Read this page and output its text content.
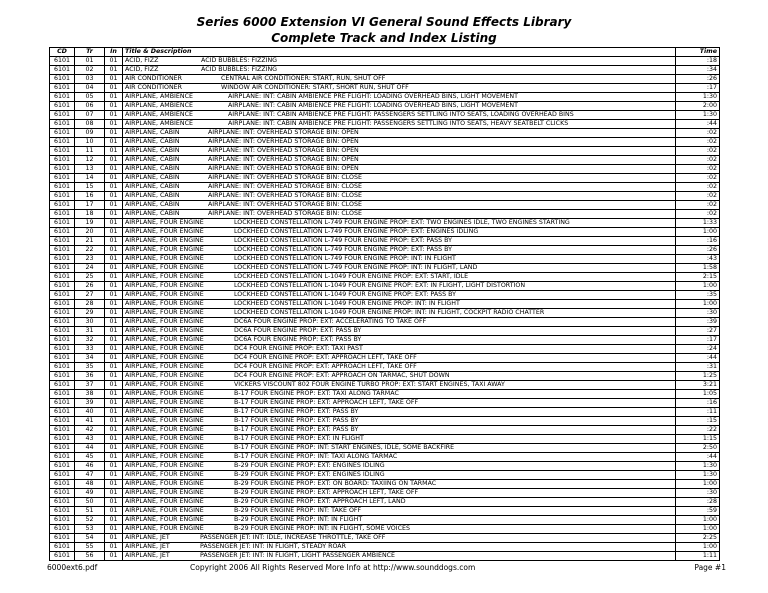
Series 6000 Extension VI General Sound Effects Library
Complete Track and Index Listing
CD	Tr	In	Title & Description	Time
6101	01	01	ACID, FIZZ ACID BUBBLES: FIZZING	:18
6101	02	01	ACID, FIZZ ACID BUBBLES: FIZZING	:34
6101	03	01	AIR CONDITIONER CENTRAL AIR CONDITIONER: START, RUN, SHUT OFF	:26
6101	04	01	AIR CONDITIONER WINDOW AIR CONDITIONER: START, SHORT RUN, SHUT OFF	:17
6101	05	01	AIRPLANE, AMBIENCE AIRPLANE: INT: CABIN AMBIENCE PRE FLIGHT: LOADING OVERHEAD BINS, LIGHT MOVEMENT	1:30
6101	06	01	AIRPLANE, AMBIENCE AIRPLANE: INT: CABIN AMBIENCE PRE FLIGHT: LOADING OVERHEAD BINS, LIGHT MOVEMENT	2:00
6101	07	01	AIRPLANE, AMBIENCE AIRPLANE: INT: CABIN AMBIENCE PRE FLIGHT: PASSENGERS SETTLING INTO SEATS, LOADING OVERHEAD BINS	1:30
6101	08	01	AIRPLANE, AMBIENCE AIRPLANE: INT: CABIN AMBIENCE PRE FLIGHT: PASSENGERS SETTLING INTO SEATS, HEAVY SEATBELT CLICKS	:44
6101	09	01	AIRPLANE, CABIN AIRPLANE: INT: OVERHEAD STORAGE BIN: OPEN	:02
6101	10	01	AIRPLANE, CABIN AIRPLANE: INT: OVERHEAD STORAGE BIN: OPEN	:02
6101	11	01	AIRPLANE, CABIN AIRPLANE: INT: OVERHEAD STORAGE BIN: OPEN	:02
6101	12	01	AIRPLANE, CABIN AIRPLANE: INT: OVERHEAD STORAGE BIN: OPEN	:02
6101	13	01	AIRPLANE, CABIN AIRPLANE: INT: OVERHEAD STORAGE BIN: OPEN	:02
6101	14	01	AIRPLANE, CABIN AIRPLANE: INT: OVERHEAD STORAGE BIN: CLOSE	:02
6101	15	01	AIRPLANE, CABIN AIRPLANE: INT: OVERHEAD STORAGE BIN: CLOSE	:02
6101	16	01	AIRPLANE, CABIN AIRPLANE: INT: OVERHEAD STORAGE BIN: CLOSE	:02
6101	17	01	AIRPLANE, CABIN AIRPLANE: INT: OVERHEAD STORAGE BIN: CLOSE	:02
6101	18	01	AIRPLANE, CABIN AIRPLANE: INT: OVERHEAD STORAGE BIN: CLOSE	:02
6101	19	01	AIRPLANE, FOUR ENGINE LOCKHEED CONSTELLATION L-749 FOUR ENGINE PROP: EXT: TWO ENGINES IDLE, TWO ENGINES STARTING	1:33
6101	20	01	AIRPLANE, FOUR ENGINE LOCKHEED CONSTELLATION L-749 FOUR ENGINE PROP: EXT: ENGINES IDLING	1:00
6101	21	01	AIRPLANE, FOUR ENGINE LOCKHEED CONSTELLATION L-749 FOUR ENGINE PROP: EXT: PASS BY	:16
6101	22	01	AIRPLANE, FOUR ENGINE LOCKHEED CONSTELLATION L-749 FOUR ENGINE PROP: EXT: PASS BY	:26
6101	23	01	AIRPLANE, FOUR ENGINE LOCKHEED CONSTELLATION L-749 FOUR ENGINE PROP: INT: IN FLIGHT	:43
6101	24	01	AIRPLANE, FOUR ENGINE LOCKHEED CONSTELLATION L-749 FOUR ENGINE PROP: INT: IN FLIGHT, LAND	1:58
6101	25	01	AIRPLANE, FOUR ENGINE LOCKHEED CONSTELLATION L-1049 FOUR ENGINE PROP: EXT: START, IDLE	2:15
6101	26	01	AIRPLANE, FOUR ENGINE LOCKHEED CONSTELLATION L-1049 FOUR ENGINE PROP: EXT: IN FLIGHT, LIGHT DISTORTION	1:00
6101	27	01	AIRPLANE, FOUR ENGINE LOCKHEED CONSTELLATION L-1049 FOUR ENGINE PROP: EXT: PASS BY	:35
6101	28	01	AIRPLANE, FOUR ENGINE LOCKHEED CONSTELLATION L-1049 FOUR ENGINE PROP: INT: IN FLIGHT	1:00
6101	29	01	AIRPLANE, FOUR ENGINE LOCKHEED CONSTELLATION L-1049 FOUR ENGINE PROP: INT: IN FLIGHT, COCKPIT RADIO CHATTER	:30
6101	30	01	AIRPLANE, FOUR ENGINE DC6A FOUR ENGINE PROP: EXT: ACCELERATING TO TAKE OFF	:39
6101	31	01	AIRPLANE, FOUR ENGINE DC6A FOUR ENGINE PROP: EXT: PASS BY	:27
6101	32	01	AIRPLANE, FOUR ENGINE DC6A FOUR ENGINE PROP: EXT: PASS BY	:17
6101	33	01	AIRPLANE, FOUR ENGINE DC4 FOUR ENGINE PROP: EXT: TAXI PAST	:24
6101	34	01	AIRPLANE, FOUR ENGINE DC4 FOUR ENGINE PROP: EXT: APPROACH LEFT, TAKE OFF	:44
6101	35	01	AIRPLANE, FOUR ENGINE DC4 FOUR ENGINE PROP: EXT: APPROACH LEFT, TAKE OFF	:31
6101	36	01	AIRPLANE, FOUR ENGINE DC4 FOUR ENGINE PROP: EXT: APPROACH ON TARMAC, SHUT DOWN	1:25
6101	37	01	AIRPLANE, FOUR ENGINE VICKERS VISCOUNT 802 FOUR ENGINE TURBO PROP: EXT: START ENGINES, TAXI AWAY	3:21
6101	38	01	AIRPLANE, FOUR ENGINE B-17 FOUR ENGINE PROP: EXT: TAXI ALONG TARMAC	1:05
6101	39	01	AIRPLANE, FOUR ENGINE B-17 FOUR ENGINE PROP: EXT: APPROACH LEFT, TAKE OFF	:16
6101	40	01	AIRPLANE, FOUR ENGINE B-17 FOUR ENGINE PROP: EXT: PASS BY	:11
6101	41	01	AIRPLANE, FOUR ENGINE B-17 FOUR ENGINE PROP: EXT: PASS BY	:15
6101	42	01	AIRPLANE, FOUR ENGINE B-17 FOUR ENGINE PROP: EXT: PASS BY	:22
6101	43	01	AIRPLANE, FOUR ENGINE B-17 FOUR ENGINE PROP: EXT: IN FLIGHT	1:15
6101	44	01	AIRPLANE, FOUR ENGINE B-17 FOUR ENGINE PROP: INT: START ENGINES, IDLE, SOME BACKFIRE	2:50
6101	45	01	AIRPLANE, FOUR ENGINE B-17 FOUR ENGINE PROP: INT: TAXI ALONG TARMAC	:44
6101	46	01	AIRPLANE, FOUR ENGINE B-29 FOUR ENGINE PROP: EXT: ENGINES IDLING	1:30
6101	47	01	AIRPLANE, FOUR ENGINE B-29 FOUR ENGINE PROP: EXT: ENGINES IDLING	1:30
6101	48	01	AIRPLANE, FOUR ENGINE B-29 FOUR ENGINE PROP: EXT: ON BOARD: TAXIING ON TARMAC	1:00
6101	49	01	AIRPLANE, FOUR ENGINE B-29 FOUR ENGINE PROP: EXT: APPROACH LEFT, TAKE OFF	:30
6101	50	01	AIRPLANE, FOUR ENGINE B-29 FOUR ENGINE PROP: EXT: APPROACH LEFT, LAND	:28
6101	51	01	AIRPLANE, FOUR ENGINE B-29 FOUR ENGINE PROP: INT: TAKE OFF	:59
6101	52	01	AIRPLANE, FOUR ENGINE B-29 FOUR ENGINE PROP: INT: IN FLIGHT	1:00
6101	53	01	AIRPLANE, FOUR ENGINE B-29 FOUR ENGINE PROP: INT: IN FLIGHT, SOME VOICES	1:00
6101	54	01	AIRPLANE, JET PASSENGER JET: INT: IDLE, INCREASE THROTTLE, TAKE OFF	2:25
6101	55	01	AIRPLANE, JET PASSENGER JET: INT: IN FLIGHT, STEADY ROAR	1:00
6101	56	01	AIRPLANE, JET PASSENGER JET: INT: IN FLIGHT, LIGHT PASSENGER AMBIENCE	1:11
6000ext6.pdf	Copyright 2006 All Rights Reserved More Info at http://www.sounddogs.com	Page #1
